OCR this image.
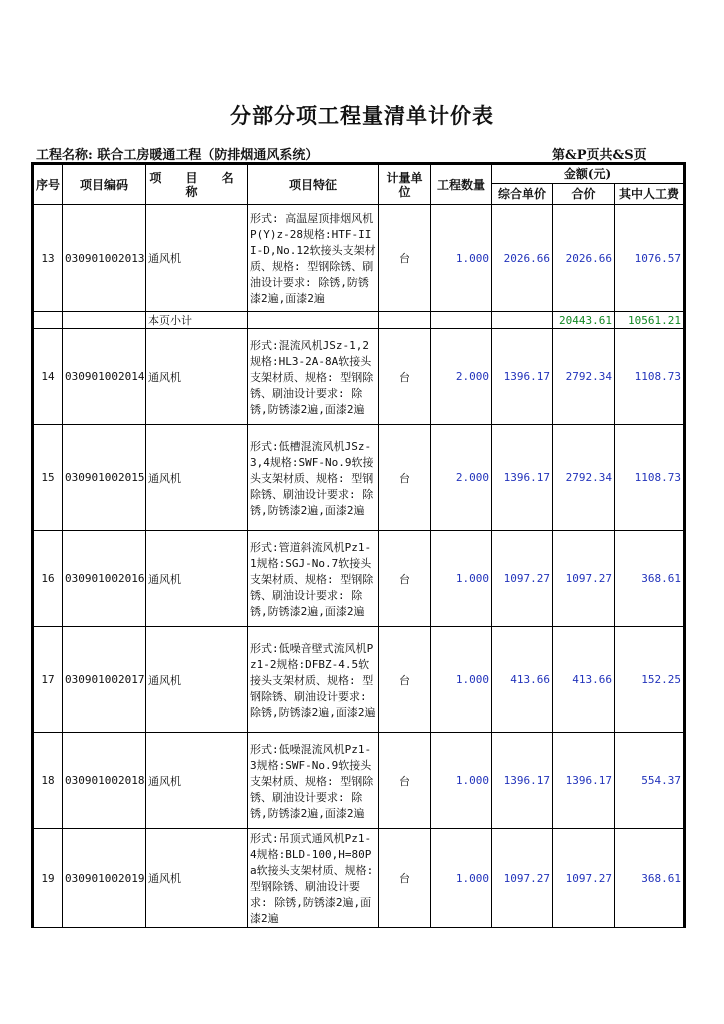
分部分项工程量清单计价表
工程名称: 联合工房暖通工程（防排烟通风系统）	第&P页共&S页
序号	项目编码	项 目 名 称	项目特征	计量单位	工程数量	金额(元)		
						综合单价	合价	其中人工费
13	030901002013	通风机	形式: 高温屋顶排烟风机P(Y)z-28规格:HTF-III-D,No.12软接头支架材质、规格: 型钢除锈、刷油设计要求: 除锈,防锈漆2遍,面漆2遍	台	1.000	2026.66	2026.66	1076.57
		本页小计					20443.61	10561.21
14	030901002014	通风机	形式:混流风机JSz-1,2规格:HL3-2A-8A软接头支架材质、规格: 型钢除锈、刷油设计要求: 除锈,防锈漆2遍,面漆2遍	台	2.000	1396.17	2792.34	1108.73
15	030901002015	通风机	形式:低槽混流风机JSz-3,4规格:SWF-No.9软接头支架材质、规格: 型钢除锈、刷油设计要求: 除锈,防锈漆2遍,面漆2遍	台	2.000	1396.17	2792.34	1108.73
16	030901002016	通风机	形式:管道斜流风机Pz1-1规格:SGJ-No.7软接头支架材质、规格: 型钢除锈、刷油设计要求: 除锈,防锈漆2遍,面漆2遍	台	1.000	1097.27	1097.27	368.61
17	030901002017	通风机	形式:低噪音壁式流风机Pz1-2规格:DFBZ-4.5软接头支架材质、规格: 型钢除锈、刷油设计要求: 除锈,防锈漆2遍,面漆2遍	台	1.000	413.66	413.66	152.25
18	030901002018	通风机	形式:低噪混流风机Pz1-3规格:SWF-No.9软接头支架材质、规格: 型钢除锈、刷油设计要求: 除锈,防锈漆2遍,面漆2遍	台	1.000	1396.17	1396.17	554.37
19	030901002019	通风机	形式:吊顶式通风机Pz1-4规格:BLD-100,H=80Pa软接头支架材质、规格: 型钢除锈、刷油设计要求: 除锈,防锈漆2遍,面漆2遍	台	1.000	1097.27	1097.27	368.61
